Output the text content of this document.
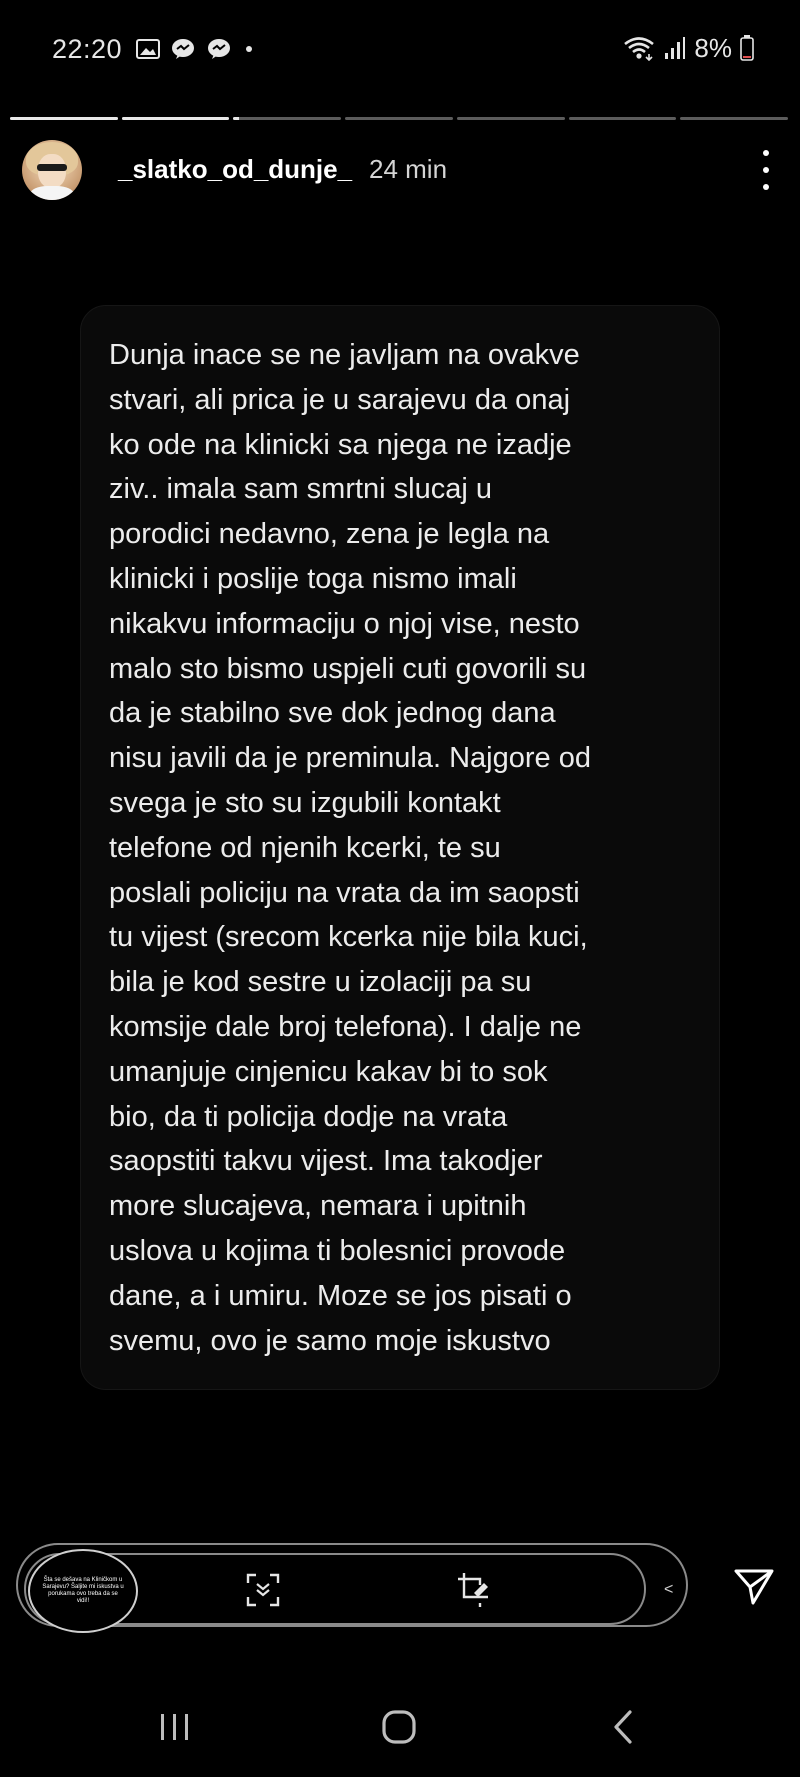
22:20	8%
_slatko_od_dunje_ 24 min

Dunja inace se ne javljam na ovakve
stvari, ali prica je u sarajevu da onaj
ko ode na klinicki sa njega ne izadje
ziv.. imala sam smrtni slucaj u
porodici nedavno, zena je legla na
klinicki i poslije toga nismo imali
nikakvu informaciju o njoj vise, nesto
malo sto bismo uspjeli cuti govorili su
da je stabilno sve dok jednog dana
nisu javili da je preminula. Najgore od
svega je sto su izgubili kontakt
telefone od njenih kcerki, te su
poslali policiju na vrata da im saopsti
tu vijest (srecom kcerka nije bila kuci,
bila je kod sestre u izolaciji pa su
komsije dale broj telefona). I dalje ne
umanjuje cinjenicu kakav bi to sok
bio, da ti policija dodje na vrata
saopstiti takvu vijest. Ima takodjer
more slucajeva, nemara i upitnih
uslova u kojima ti bolesnici provode
dane, a i umiru. Moze se jos pisati o
svemu, ovo je samo moje iskustvo

Šta se dešava na Kliničkom u Sarajevu? Šaljite mi iskustva u porukama ovo treba da se vidi!!
<
